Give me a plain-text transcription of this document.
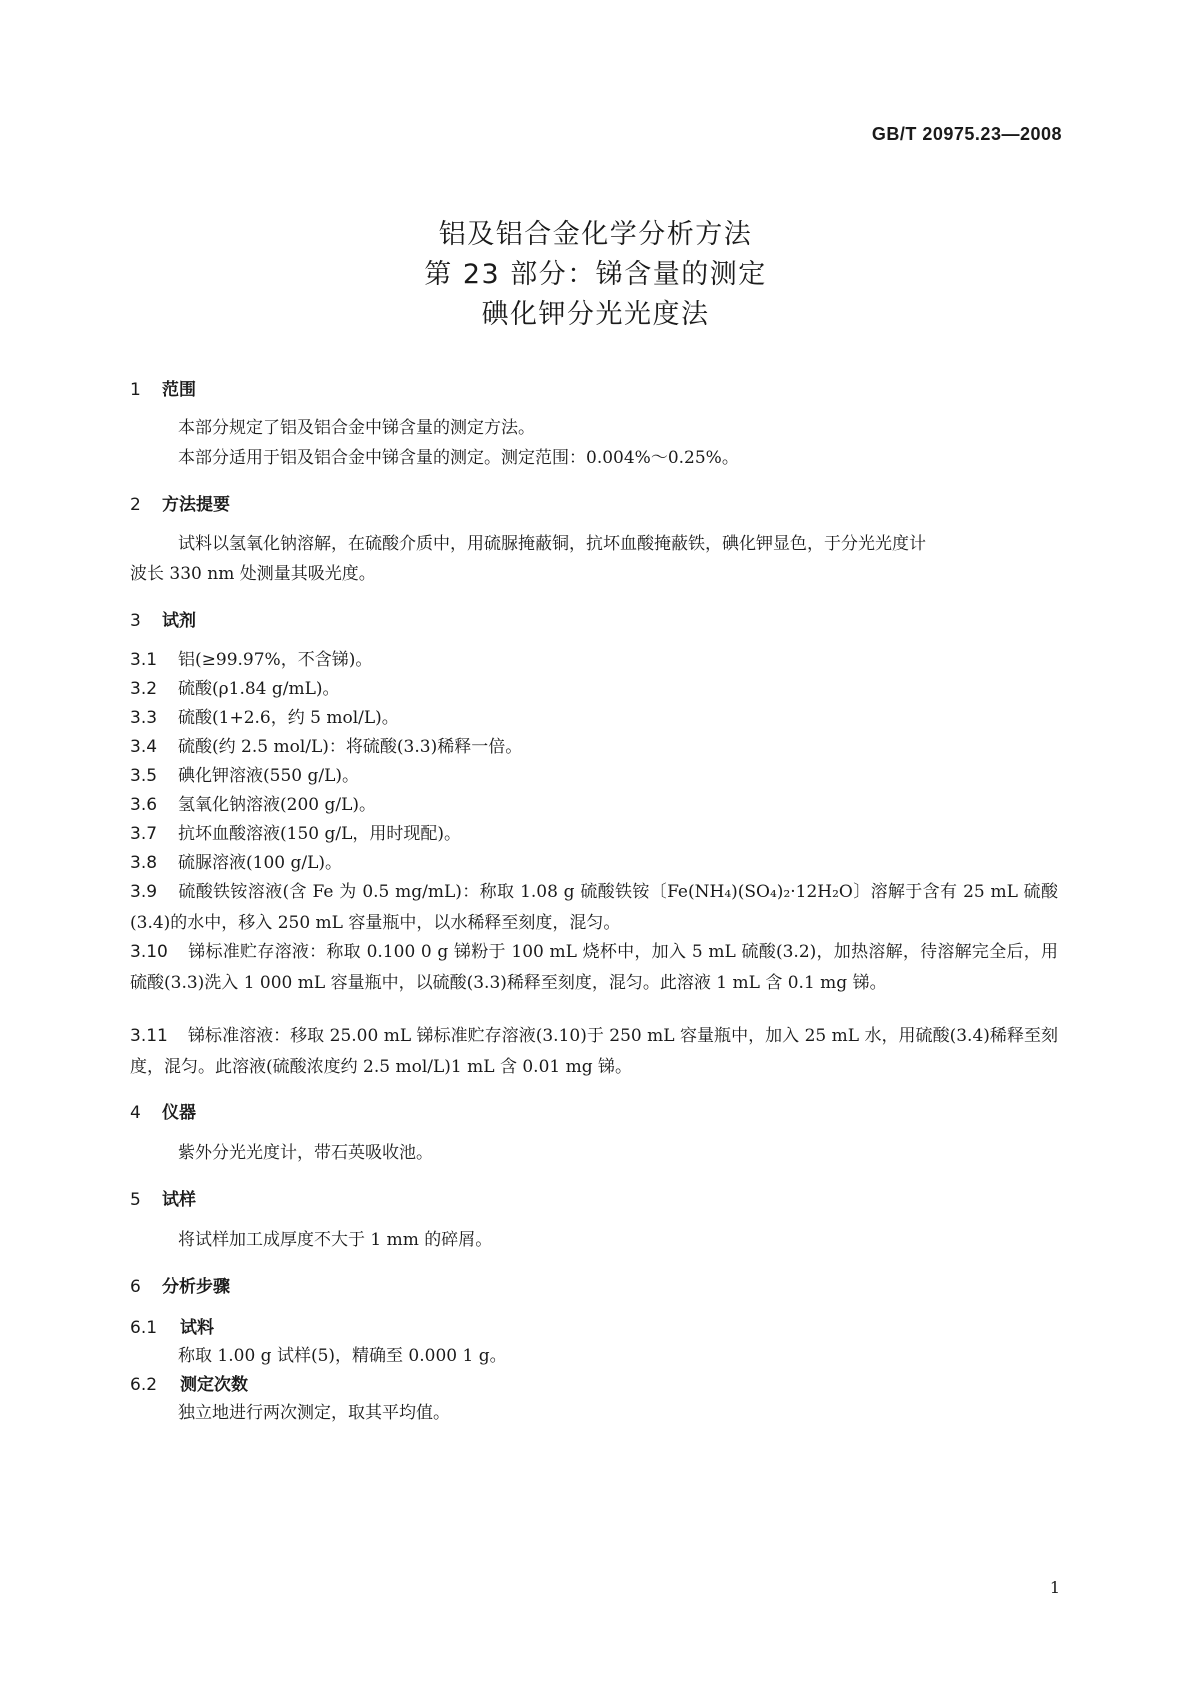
GB/T 20975.23—2008
铝及铝合金化学分析方法
第 23 部分：锑含量的测定
碘化钾分光光度法
1 范围
本部分规定了铝及铝合金中锑含量的测定方法。
本部分适用于铝及铝合金中锑含量的测定。测定范围：0.004%～0.25%。
2 方法提要
试料以氢氧化钠溶解，在硫酸介质中，用硫脲掩蔽铜，抗坏血酸掩蔽铁，碘化钾显色，于分光光度计
波长 330 nm 处测量其吸光度。
3 试剂
3.1 铝(≥99.97%，不含锑)。
3.2 硫酸(ρ1.84 g/mL)。
3.3 硫酸(1+2.6，约 5 mol/L)。
3.4 硫酸(约 2.5 mol/L)：将硫酸(3.3)稀释一倍。
3.5 碘化钾溶液(550 g/L)。
3.6 氢氧化钠溶液(200 g/L)。
3.7 抗坏血酸溶液(150 g/L，用时现配)。
3.8 硫脲溶液(100 g/L)。
3.9 硫酸铁铵溶液(含 Fe 为 0.5 mg/mL)：称取 1.08 g 硫酸铁铵〔Fe(NH₄)(SO₄)₂·12H₂O〕溶解于含有 25 mL 硫酸(3.4)的水中，移入 250 mL 容量瓶中，以水稀释至刻度，混匀。
3.10 锑标准贮存溶液：称取 0.100 0 g 锑粉于 100 mL 烧杯中，加入 5 mL 硫酸(3.2)，加热溶解，待溶解完全后，用硫酸(3.3)洗入 1 000 mL 容量瓶中，以硫酸(3.3)稀释至刻度，混匀。此溶液 1 mL 含 0.1 mg 锑。
3.11 锑标准溶液：移取 25.00 mL 锑标准贮存溶液(3.10)于 250 mL 容量瓶中，加入 25 mL 水，用硫酸(3.4)稀释至刻度，混匀。此溶液(硫酸浓度约 2.5 mol/L)1 mL 含 0.01 mg 锑。
4 仪器
紫外分光光度计，带石英吸收池。
5 试样
将试样加工成厚度不大于 1 mm 的碎屑。
6 分析步骤
6.1 试料
称取 1.00 g 试样(5)，精确至 0.000 1 g。
6.2 测定次数
独立地进行两次测定，取其平均值。
1
